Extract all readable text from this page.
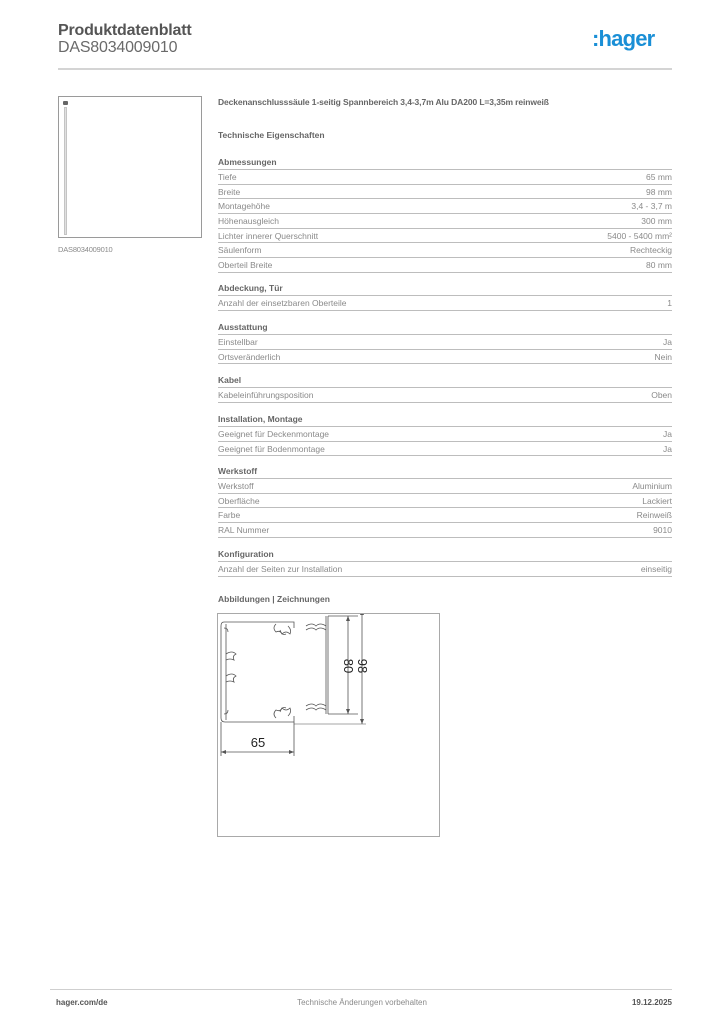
Produktdatenblatt
DAS8034009010	:hager
DAS8034009010
Deckenanschlusssäule 1-seitig Spannbereich 3,4-3,7m Alu DA200 L=3,35m reinweiß
Technische Eigenschaften
Abmessungen
Tiefe	65 mm
Breite	98 mm
Montagehöhe	3,4 - 3,7 m
Höhenausgleich	300 mm
Lichter innerer Querschnitt	5400 - 5400 mm²
Säulenform	Rechteckig
Oberteil Breite	80 mm
Abdeckung, Tür
Anzahl der einsetzbaren Oberteile	1
Ausstattung
Einstellbar	Ja
Ortsveränderlich	Nein
Kabel
Kabeleinführungsposition	Oben
Installation, Montage
Geeignet für Deckenmontage	Ja
Geeignet für Bodenmontage	Ja
Werkstoff
Werkstoff	Aluminium
Oberfläche	Lackiert
Farbe	Reinweiß
RAL Nummer	9010
Konfiguration
Anzahl der Seiten zur Installation	einseitig
Abbildungen | Zeichnungen
80 98
65
hager.com/de	Technische Änderungen vorbehalten	19.12.2025
